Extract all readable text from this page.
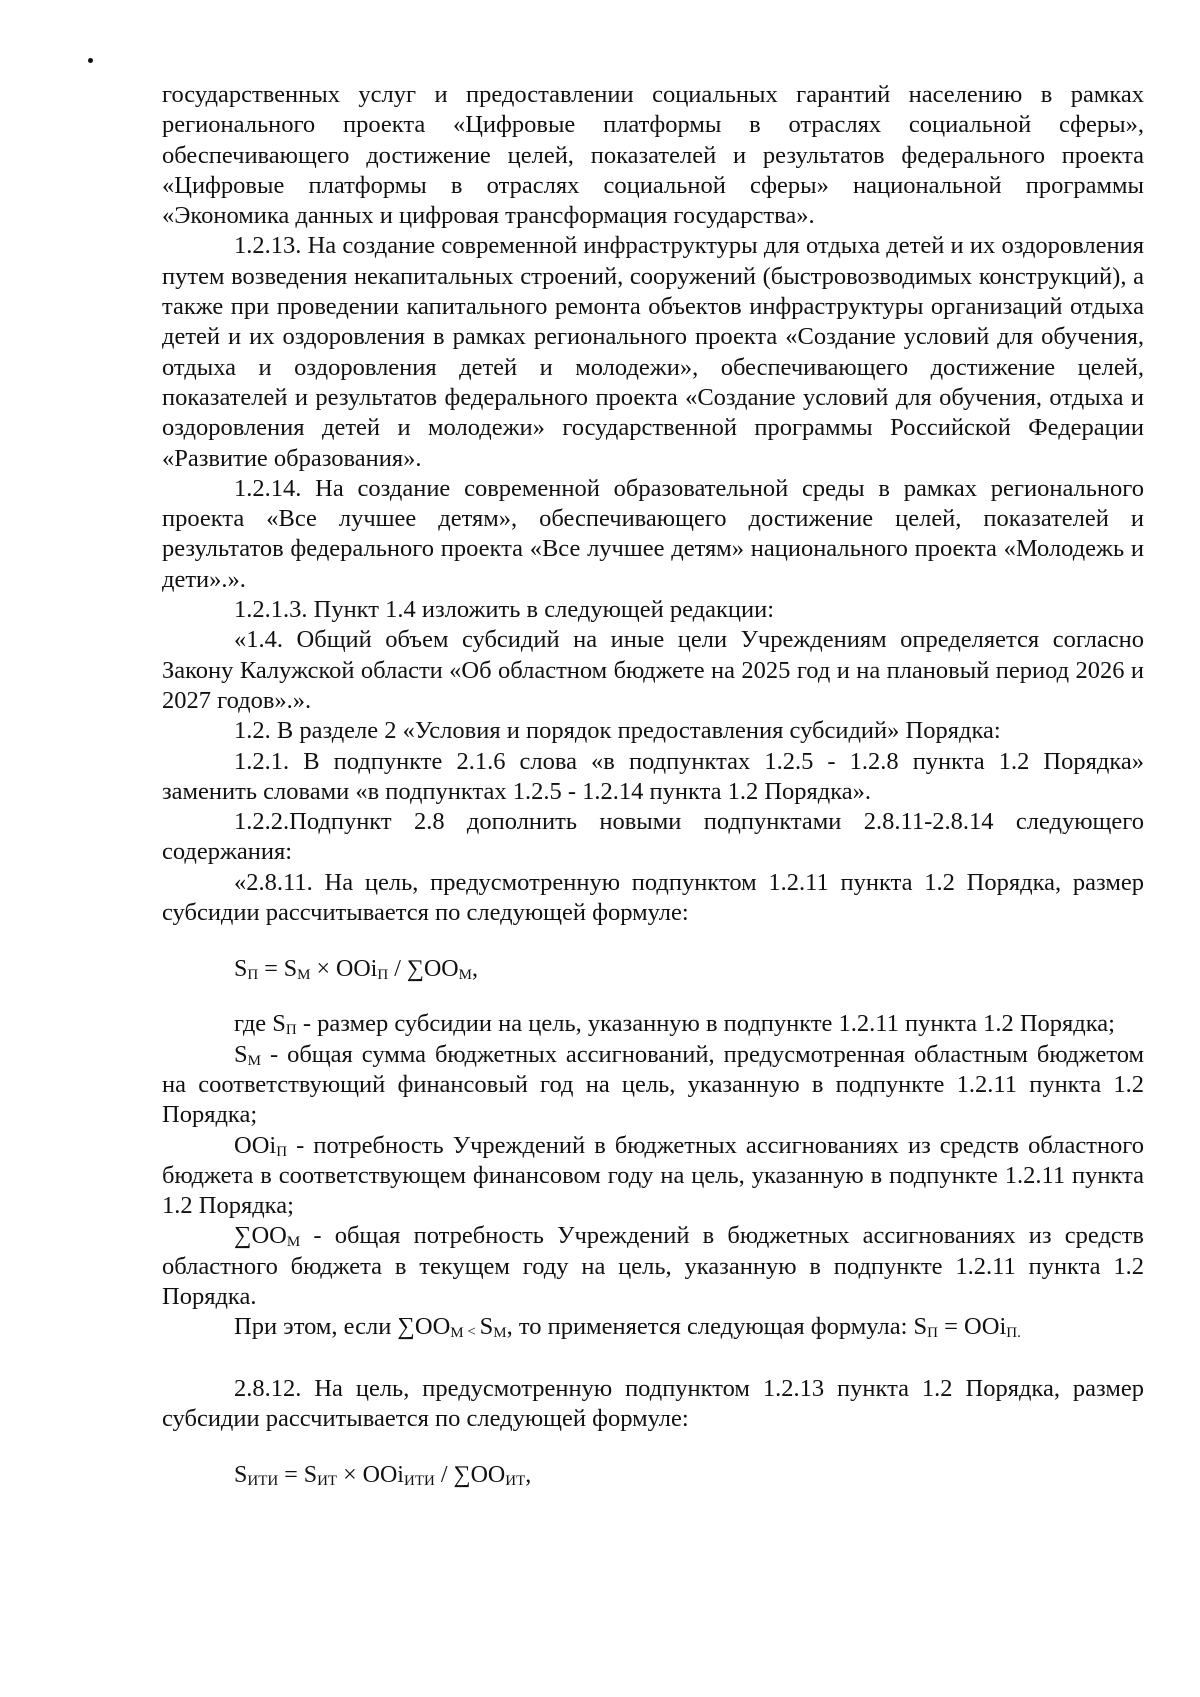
государственных услуг и предоставлении социальных гарантий населению в рамках регионального проекта «Цифровые платформы в отраслях социальной сферы», обеспечивающего достижение целей, показателей и результатов федерального проекта «Цифровые платформы в отраслях социальной сферы» национальной программы «Экономика данных и цифровая трансформация государства».

1.2.13. На создание современной инфраструктуры для отдыха детей и их оздоровления путем возведения некапитальных строений, сооружений (быстровозводимых конструкций), а также при проведении капитального ремонта объектов инфраструктуры организаций отдыха детей и их оздоровления в рамках регионального проекта «Создание условий для обучения, отдыха и оздоровления детей и молодежи», обеспечивающего достижение целей, показателей и результатов федерального проекта «Создание условий для обучения, отдыха и оздоровления детей и молодежи» государственной программы Российской Федерации «Развитие образования».

1.2.14. На создание современной образовательной среды в рамках регионального проекта «Все лучшее детям», обеспечивающего достижение целей, показателей и результатов федерального проекта «Все лучшее детям» национального проекта «Молодежь и дети».».

1.2.1.3. Пункт 1.4 изложить в следующей редакции:

«1.4. Общий объем субсидий на иные цели Учреждениям определяется согласно Закону Калужской области «Об областном бюджете на 2025 год и на плановый период 2026 и 2027 годов».».

1.2. В разделе 2 «Условия и порядок предоставления субсидий» Порядка:

1.2.1. В подпункте 2.1.6 слова «в подпунктах 1.2.5 - 1.2.8 пункта 1.2 Порядка» заменить словами «в подпунктах 1.2.5 - 1.2.14 пункта 1.2 Порядка».

1.2.2.Подпункт 2.8 дополнить новыми подпунктами 2.8.11-2.8.14 следующего содержания:

«2.8.11. На цель, предусмотренную подпунктом 1.2.11 пункта 1.2 Порядка, размер субсидии рассчитывается по следующей формуле:

$S_П = S_M \times OOi_П / \sum OO_M$,

где $S_П$ - размер субсидии на цель, указанную в подпункте 1.2.11 пункта 1.2 Порядка;

$S_M$ - общая сумма бюджетных ассигнований, предусмотренная областным бюджетом на соответствующий финансовый год на цель, указанную в подпункте 1.2.11 пункта 1.2 Порядка;

OOi$_П$ - потребность Учреждений в бюджетных ассигнованиях из средств областного бюджета в соответствующем финансовом году на цель, указанную в подпункте 1.2.11 пункта 1.2 Порядка;

$\sum OO_M$ - общая потребность Учреждений в бюджетных ассигнованиях из средств областного бюджета в текущем году на цель, указанную в подпункте 1.2.11 пункта 1.2 Порядка.

При этом, если $\sum OO_M < S_M$, то применяется следующая формула: $S_П = OOi_{П.}$

2.8.12. На цель, предусмотренную подпунктом 1.2.13 пункта 1.2 Порядка, размер субсидии рассчитывается по следующей формуле:

$S_{ИТИ} = S_{ИТ} \times OOi_{ИТИ} / \sum OO_{ИТ}$,
